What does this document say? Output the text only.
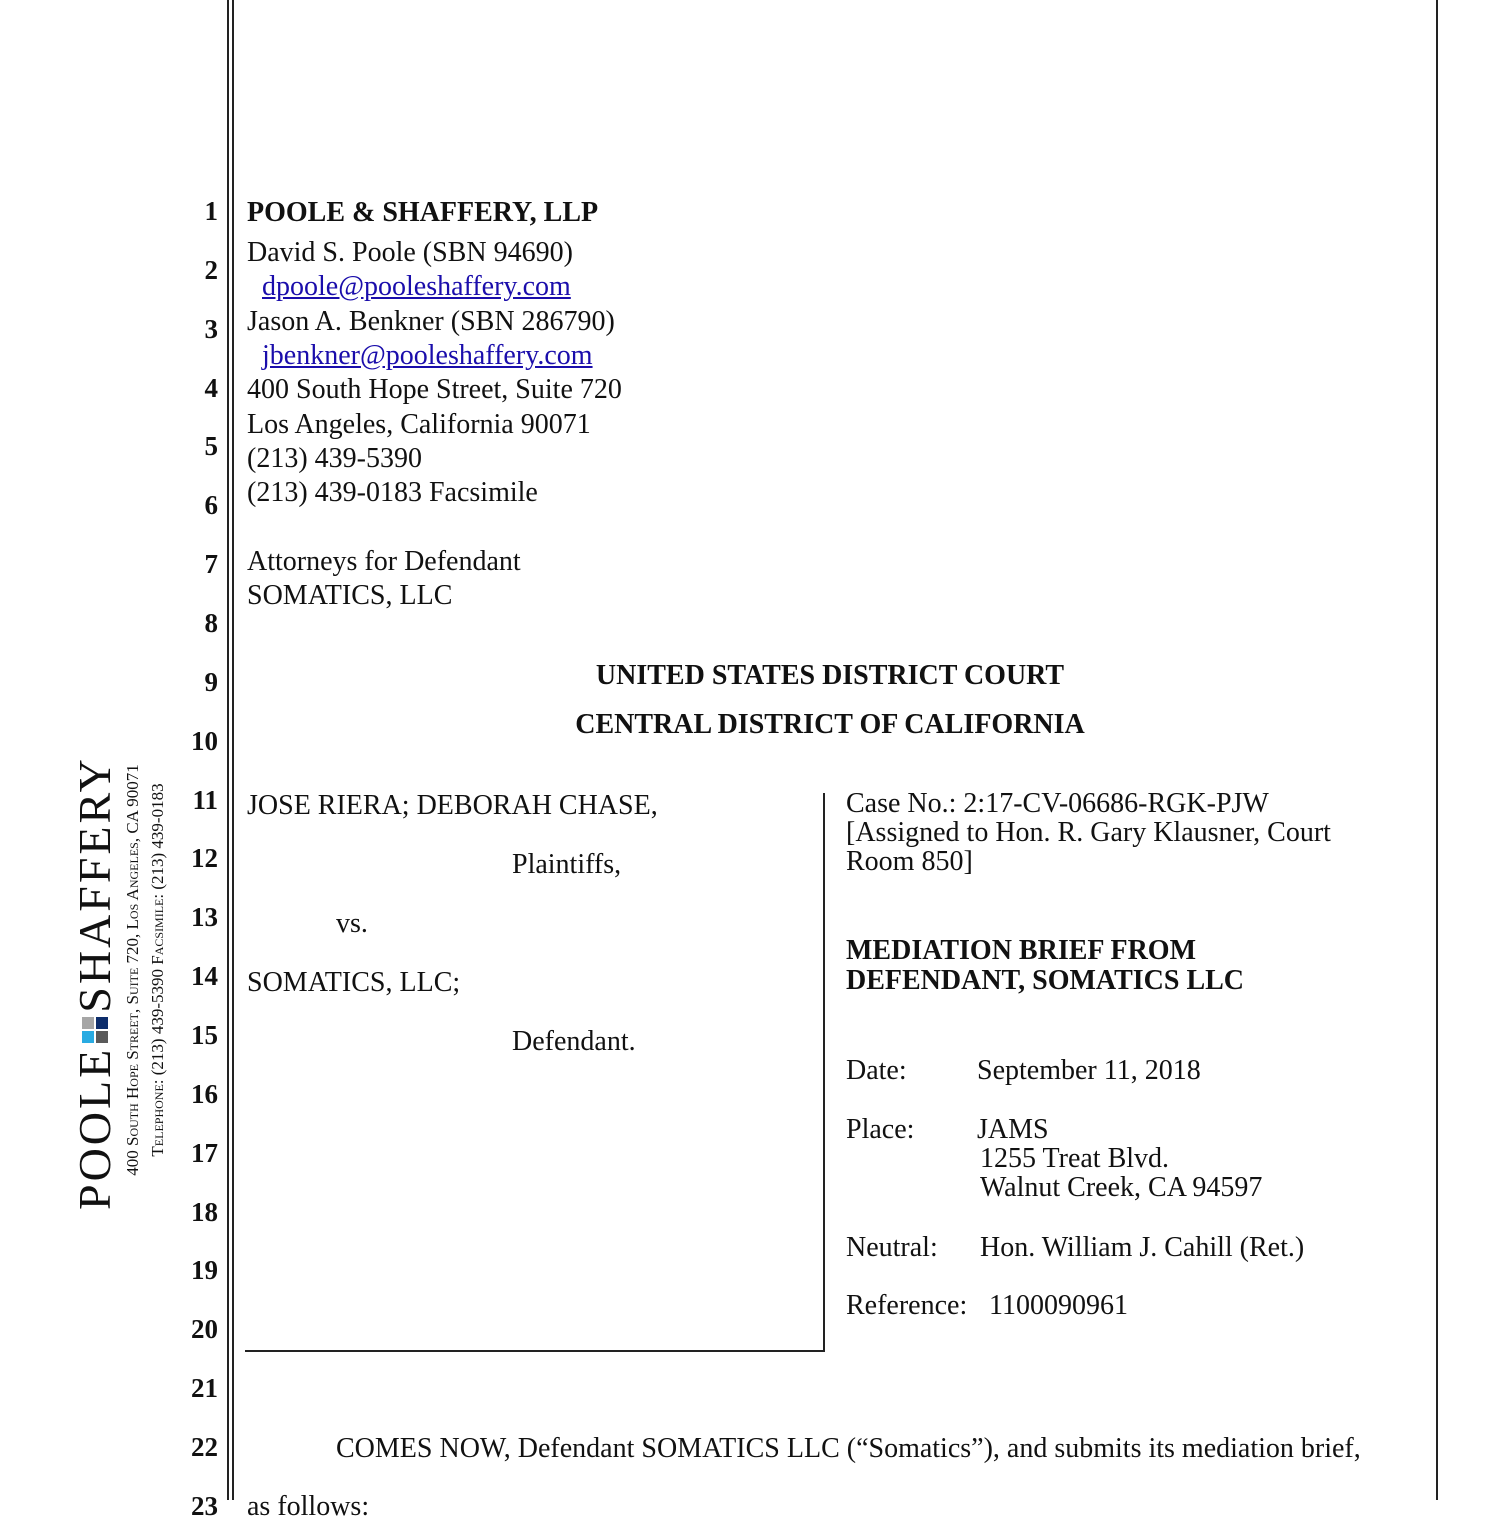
1
2
3
4
5
6
7
8
9
10
11
12
13
14
15
16
17
18
19
20
21
22
23
POOLE
SHAFFERY 400 South Hope Street, Suite 720, Los Angeles, CA 90071 Telephone: (213) 439-5390 Facsimile: (213) 439-0183
POOLE & SHAFFERY, LLP
David S. Poole (SBN 94690)
dpoole@pooleshaffery.com
Jason A. Benkner (SBN 286790)
jbenkner@pooleshaffery.com
400 South Hope Street, Suite 720
Los Angeles, California 90071
(213) 439-5390
(213) 439-0183 Facsimile
Attorneys for Defendant
SOMATICS, LLC
UNITED STATES DISTRICT COURT
CENTRAL DISTRICT OF CALIFORNIA
JOSE RIERA; DEBORAH CHASE,
Plaintiffs,
vs.
SOMATICS, LLC;
Defendant.
Case No.: 2:17-CV-06686-RGK-PJW
[Assigned to Hon. R. Gary Klausner, Court
Room 850]
MEDIATION BRIEF FROM
DEFENDANT, SOMATICS LLC
Date:	September 11, 2018
Place: JAMS
1255 Treat Blvd.
Walnut Creek, CA 94597
Neutral: Hon. William J. Cahill (Ret.)
Reference: 1100090961
COMES NOW, Defendant SOMATICS LLC (“Somatics”), and submits its mediation brief,
as follows:
